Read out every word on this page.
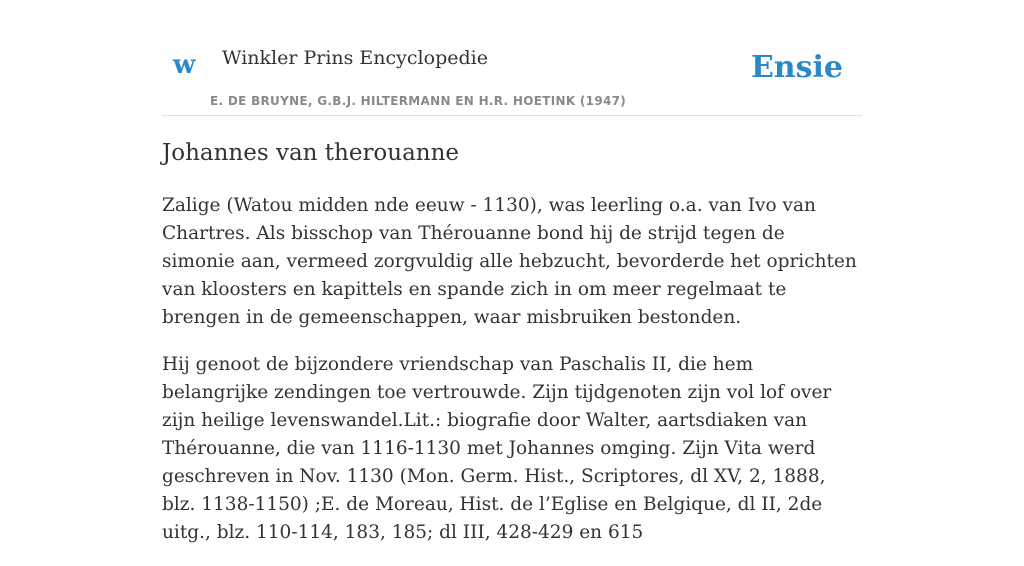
w Winkler Prins Encyclopedie
E. DE BRUYNE, G.B.J. HILTERMANN EN H.R. HOETINK (1947)
Ensie
Johannes van therouanne

Zalige (Watou midden nde eeuw - 1130), was leerling o.a. van Ivo van Chartres. Als bisschop van Thérouanne bond hij de strijd tegen de simonie aan, vermeed zorgvuldig alle hebzucht, bevorderde het oprichten van kloosters en kapittels en spande zich in om meer regelmaat te brengen in de gemeenschappen, waar misbruiken bestonden.

Hij genoot de bijzondere vriendschap van Paschalis II, die hem belangrijke zendingen toe vertrouwde. Zijn tijdgenoten zijn vol lof over zijn heilige levenswandel.Lit.: biografie door Walter, aartsdiaken van Thérouanne, die van 1116-1130 met Johannes omging. Zijn Vita werd geschreven in Nov. 1130 (Mon. Germ. Hist., Scriptores, dl XV, 2, 1888, blz. 1138-1150) ;E. de Moreau, Hist. de l’Eglise en Belgique, dl II, 2de uitg., blz. 110-114, 183, 185; dl III, 428-429 en 615
